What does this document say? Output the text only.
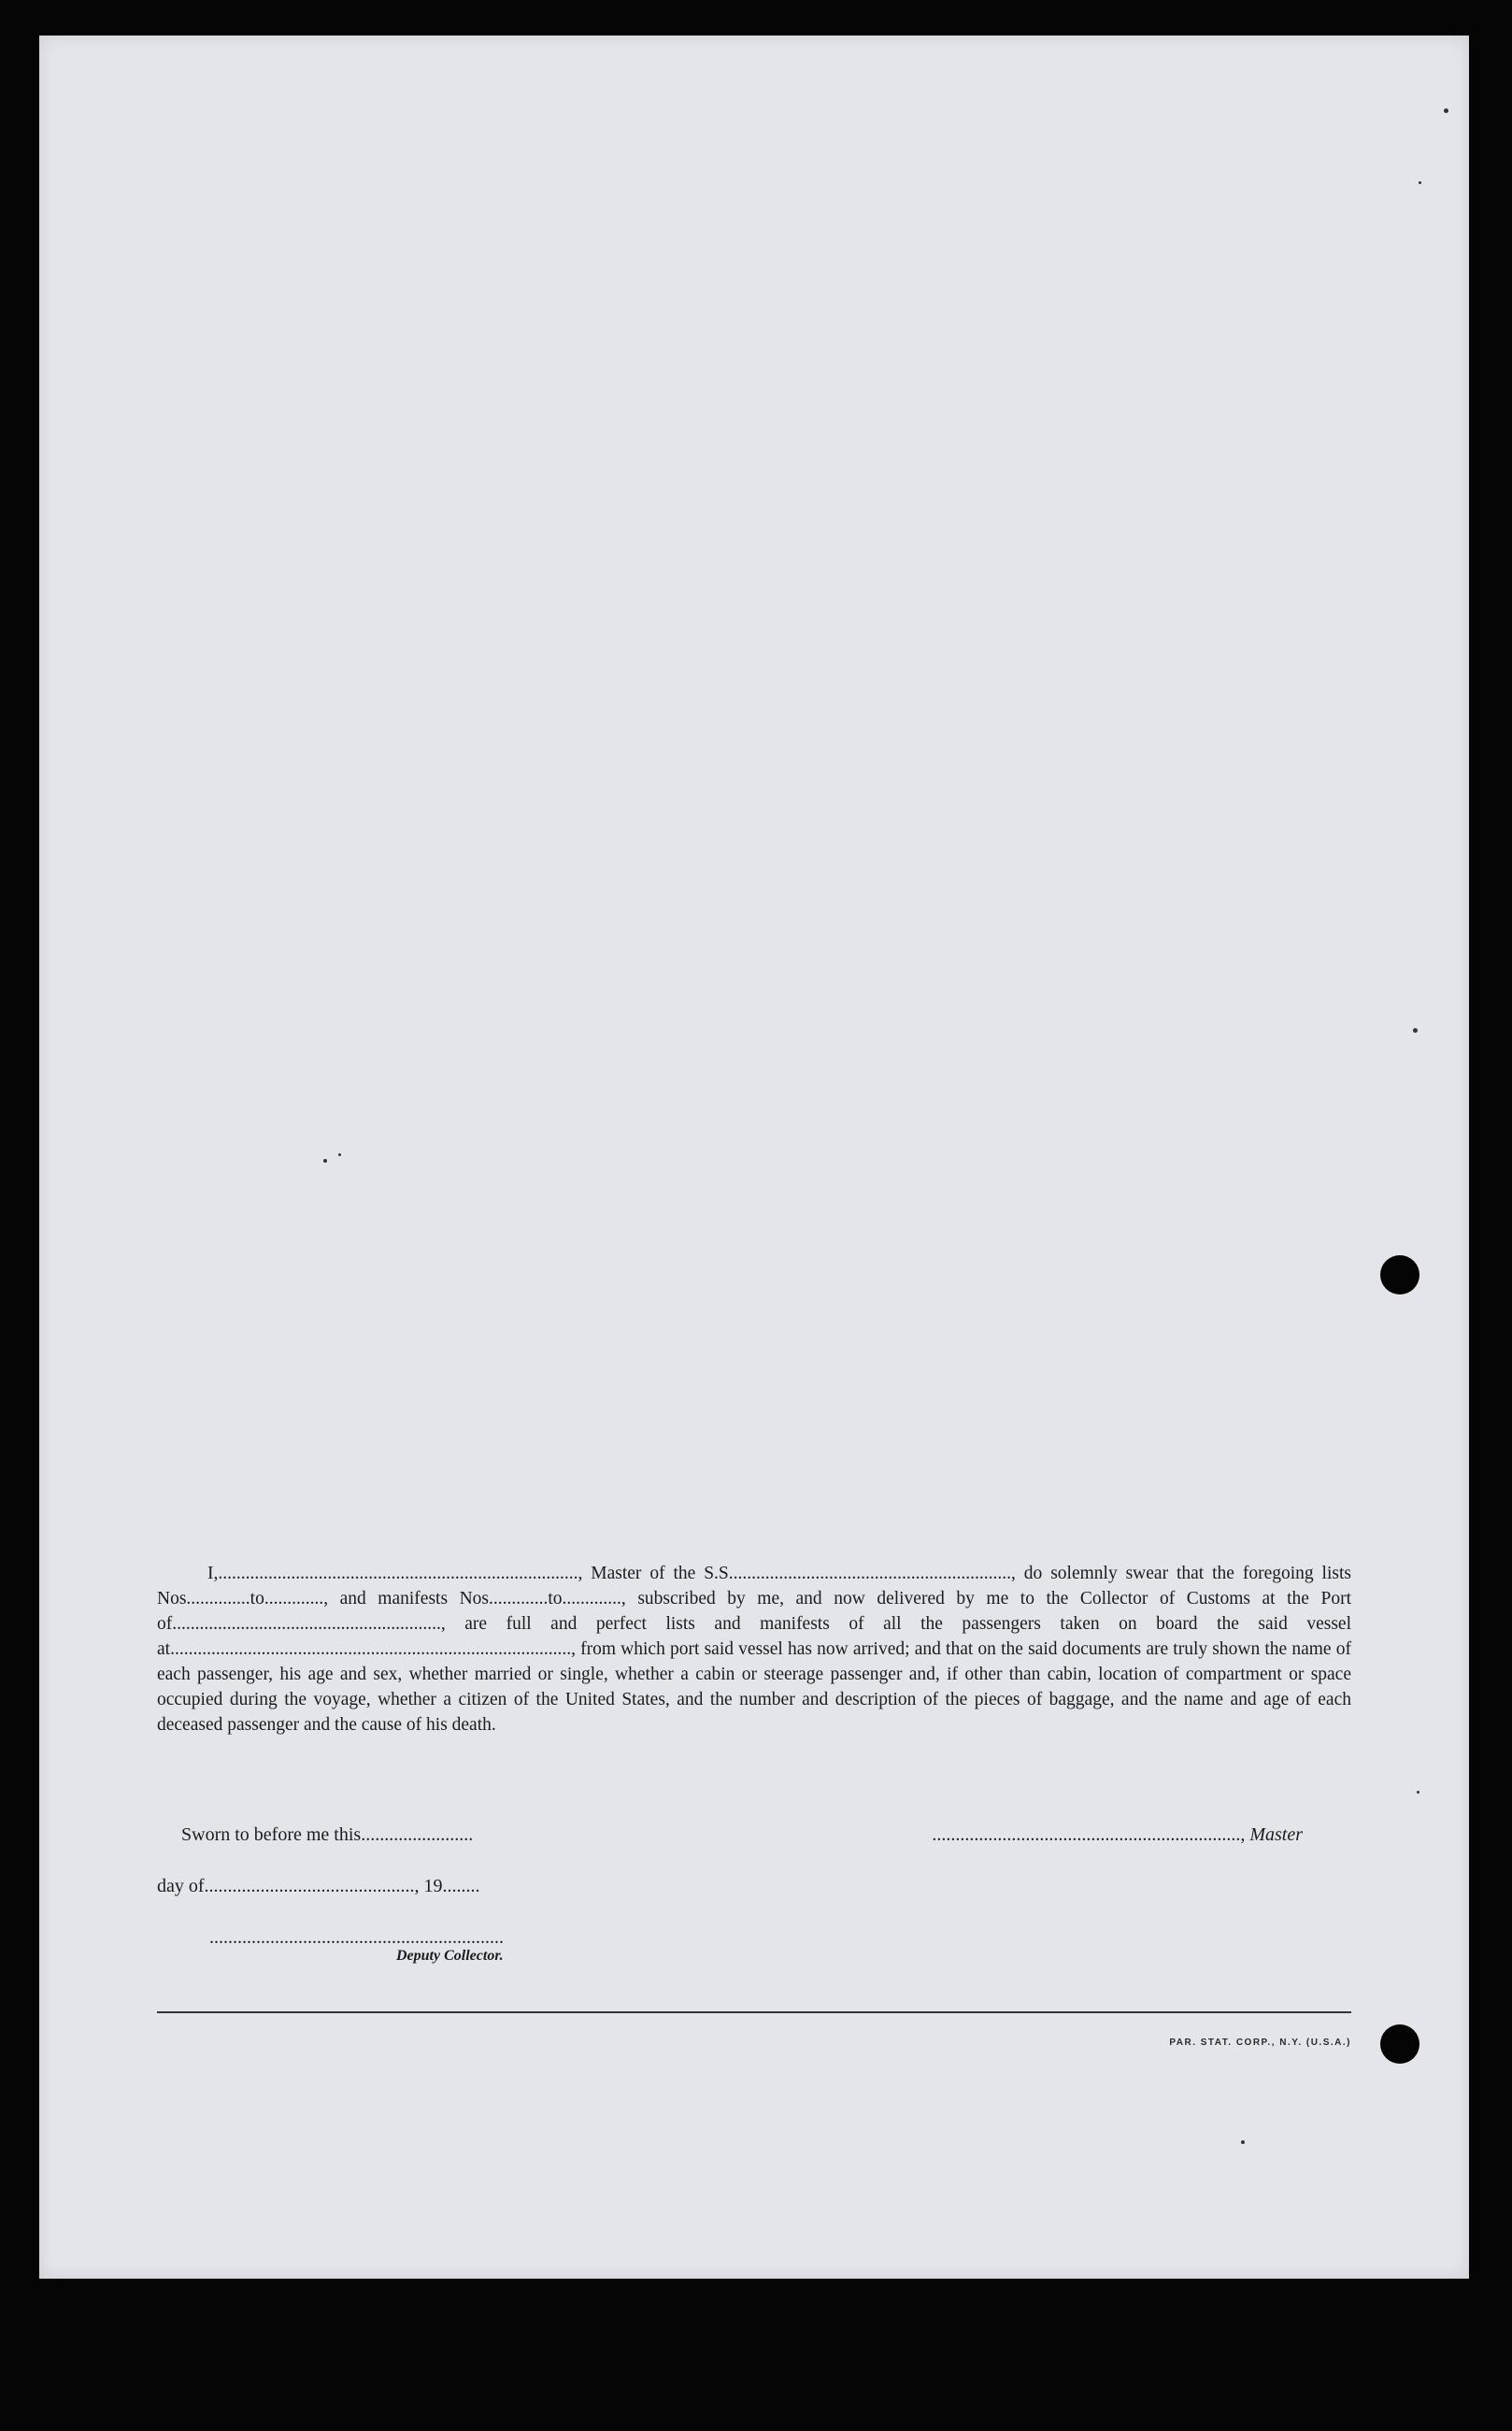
I,..............................................................................., Master of the S.S.............................................................., do solemnly swear that the foregoing lists Nos..............to............., and manifests Nos.............to............., subscribed by me, and now delivered by me to the Collector of Customs at the Port of..........................................................., are full and perfect lists and manifests of all the passengers taken on board the said vessel at........................................................................................, from which port said vessel has now arrived; and that on the said documents are truly shown the name of each passenger, his age and sex, whether married or single, whether a cabin or steerage passenger and, if other than cabin, location of compartment or space occupied during the voyage, whether a citizen of the United States, and the number and description of the pieces of baggage, and the name and age of each deceased passenger and the cause of his death.
Sworn to before me this........................	.................................................................., Master
day of............................................., 19........
...............................................................
Deputy Collector.
PAR. STAT. CORP., N.Y. (U.S.A.)
